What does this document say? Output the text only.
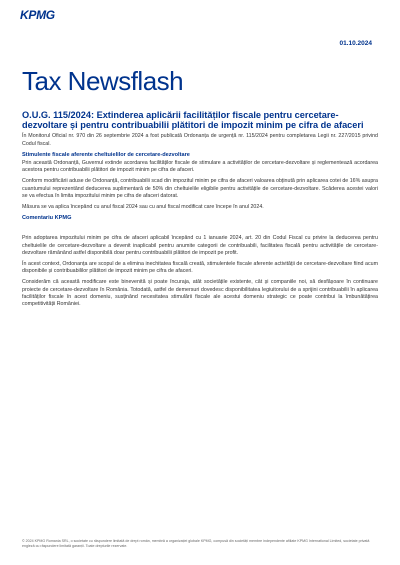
KPMG
01.10.2024
Tax Newsflash
O.U.G. 115/2024: Extinderea aplicării facilităților fiscale pentru cercetare-dezvoltare și pentru contribuabilii plătitori de impozit minim pe cifra de afaceri

În Monitorul Oficial nr. 970 din 26 septembrie 2024 a fost publicată Ordonanța de urgență nr. 115/2024 pentru completarea Legii nr. 227/2015 privind Codul fiscal.

Stimulente fiscale aferente cheltuielilor de cercetare-dezvoltare

Prin această Ordonanță, Guvernul extinde acordarea facilităților fiscale de stimulare a activităților de cercetare-dezvoltare și reglementează acordarea acestora pentru contribuabilii plătitori de impozit minim pe cifra de afaceri.

Conform modificării aduse de Ordonanță, contribuabilii scad din impozitul minim pe cifra de afaceri valoarea obținută prin aplicarea cotei de 16% asupra cuantumului reprezentând deducerea suplimentară de 50% din cheltuielile eligibile pentru activitățile de cercetare-dezvoltare. Scăderea acestei valori se va efectua în limita impozitului minim pe cifra de afaceri datorat.

Măsura se va aplica începând cu anul fiscal 2024 sau cu anul fiscal modificat care începe în anul 2024.

Comentariu KPMG

Prin adoptarea impozitului minim pe cifra de afaceri aplicabil începând cu 1 ianuarie 2024, art. 20 din Codul Fiscal cu privire la deducerea pentru cheltuielile de cercetare-dezvoltare a devenit inaplicabil pentru anumite categorii de contribuabili, facilitatea fiscală pentru activitățile de cercetare-dezvoltare rămânând astfel disponibilă doar pentru contribuabilii plătitori de impozit pe profit.

În acest context, Ordonanța are scopul de a elimina inechitatea fiscală creată, stimulentele fiscale aferente activității de cercetare-dezvoltare fiind acum disponibile și contribuabililor plătitori de impozit minim pe cifra de afaceri.

Considerăm că această modificare este binevenită și poate încuraja, atât societățile existente, cât și companiile noi, să desfășoare în continuare proiecte de cercetare-dezvoltare în România. Totodată, astfel de demersuri dovedesc disponibilitatea legiuitorului de a sprijini contribuabilii în aplicarea facilităților fiscale în acest domeniu, susținând necesitatea stimulării fiscale ale acestui domeniu strategic ce poate contribui la îmbunătățirea competitivității României.

© 2024 KPMG Romania SRL, o societate cu răspundere limitată de drept român, membră a organizației globale KPMG, compusă din societăți membre independente afiliate KPMG International Limited, societate privată engleză cu răspundere limitată garanții. Toate drepturile rezervate.
